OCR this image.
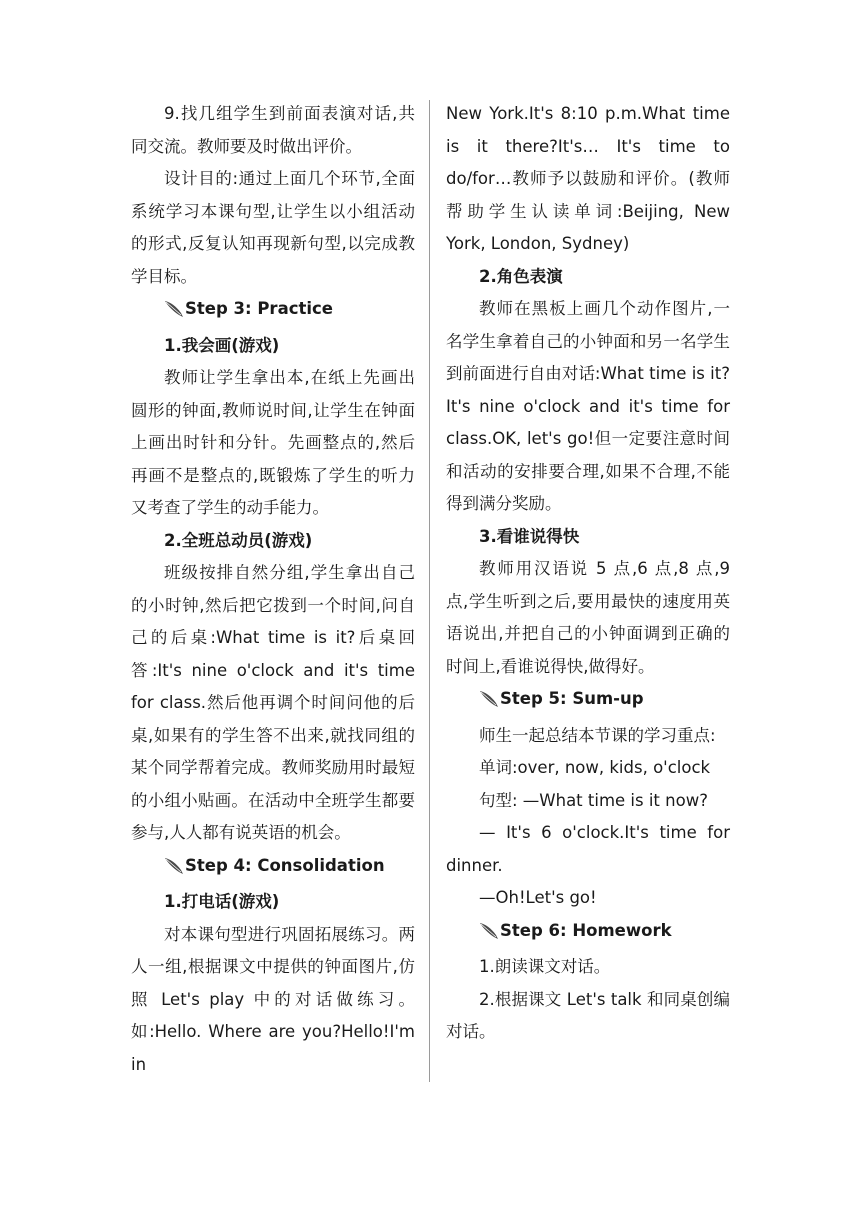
9.找几组学生到前面表演对话,共同交流。教师要及时做出评价。

设计目的:通过上面几个环节,全面系统学习本课句型,让学生以小组活动的形式,反复认知再现新句型,以完成教学目标。

Step 3: Practice

1.我会画(游戏)

教师让学生拿出本,在纸上先画出圆形的钟面,教师说时间,让学生在钟面上画出时针和分针。先画整点的,然后再画不是整点的,既锻炼了学生的听力又考查了学生的动手能力。

2.全班总动员(游戏)

班级按排自然分组,学生拿出自己的小时钟,然后把它拨到一个时间,问自己的后桌:What time is it?后桌回答:It's nine o'clock and it's time for class.然后他再调个时间问他的后桌,如果有的学生答不出来,就找同组的某个同学帮着完成。教师奖励用时最短的小组小贴画。在活动中全班学生都要参与,人人都有说英语的机会。

Step 4: Consolidation

1.打电话(游戏)

对本课句型进行巩固拓展练习。两人一组,根据课文中提供的钟面图片,仿照 Let's play 中的对话做练习。如:Hello. Where are you?Hello!I'm in

New York.It's 8:10 p.m.What time is it there?It's… It's time to do/for…教师予以鼓励和评价。(教师帮助学生认读单词:Beijing, New York, London, Sydney)

2.角色表演

教师在黑板上画几个动作图片,一名学生拿着自己的小钟面和另一名学生到前面进行自由对话:What time is it?It's nine o'clock and it's time for class.OK, let's go!但一定要注意时间和活动的安排要合理,如果不合理,不能得到满分奖励。

3.看谁说得快

教师用汉语说 5 点,6 点,8 点,9 点,学生听到之后,要用最快的速度用英语说出,并把自己的小钟面调到正确的时间上,看谁说得快,做得好。

Step 5: Sum-up

师生一起总结本节课的学习重点:

单词:over, now, kids, o'clock

句型: —What time is it now?

— It's 6 o'clock.It's time for dinner.

—Oh!Let's go!

Step 6: Homework

1.朗读课文对话。

2.根据课文 Let's talk 和同桌创编对话。
